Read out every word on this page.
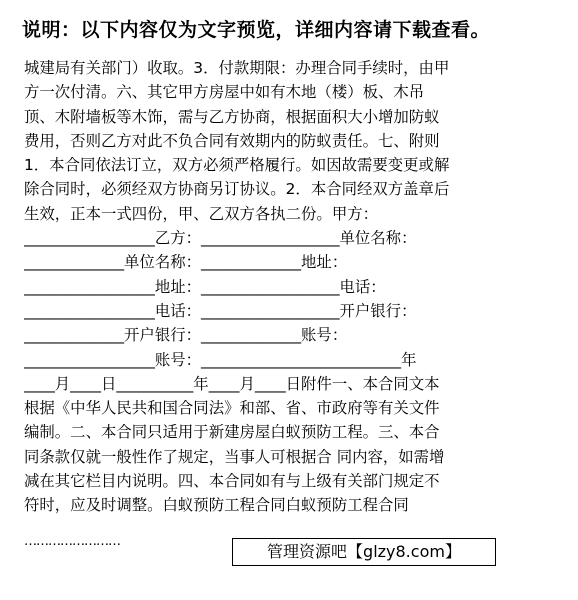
说明：以下内容仅为文字预览，详细内容请下载查看。
城建局有关部门）收取。3．付款期限：办理合同手续时，由甲
方一次付清。六、其它甲方房屋中如有木地（楼）板、木吊
顶、木附墙板等木饰，需与乙方协商，根据面积大小增加防蚁
费用，否则乙方对此不负合同有效期内的防蚁责任。七、附则
1．本合同依法订立，双方必须严格履行。如因故需要变更或解
除合同时，必须经双方协商另订协议。2．本合同经双方盖章后
生效，正本一式四份，甲、乙双方各执二份。甲方：
_________________乙方：__________________单位名称：
_____________单位名称：_____________地址：
_________________地址：__________________电话：
_________________电话：__________________开户银行：
_____________开户银行：_____________账号：
_________________账号：__________________________年
____月____日__________年____月____日附件一、本合同文本
根据《中华人民共和国合同法》和部、省、市政府等有关文件
编制。二、本合同只适用于新建房屋白蚁预防工程。三、本合
同条款仅就一般性作了规定，当事人可根据合 同内容，如需增
减在其它栏目内说明。四、本合同如有与上级有关部门规定不
符时，应及时调整。白蚁预防工程合同白蚁预防工程合同
……………………
管理资源吧【glzy8.com】
